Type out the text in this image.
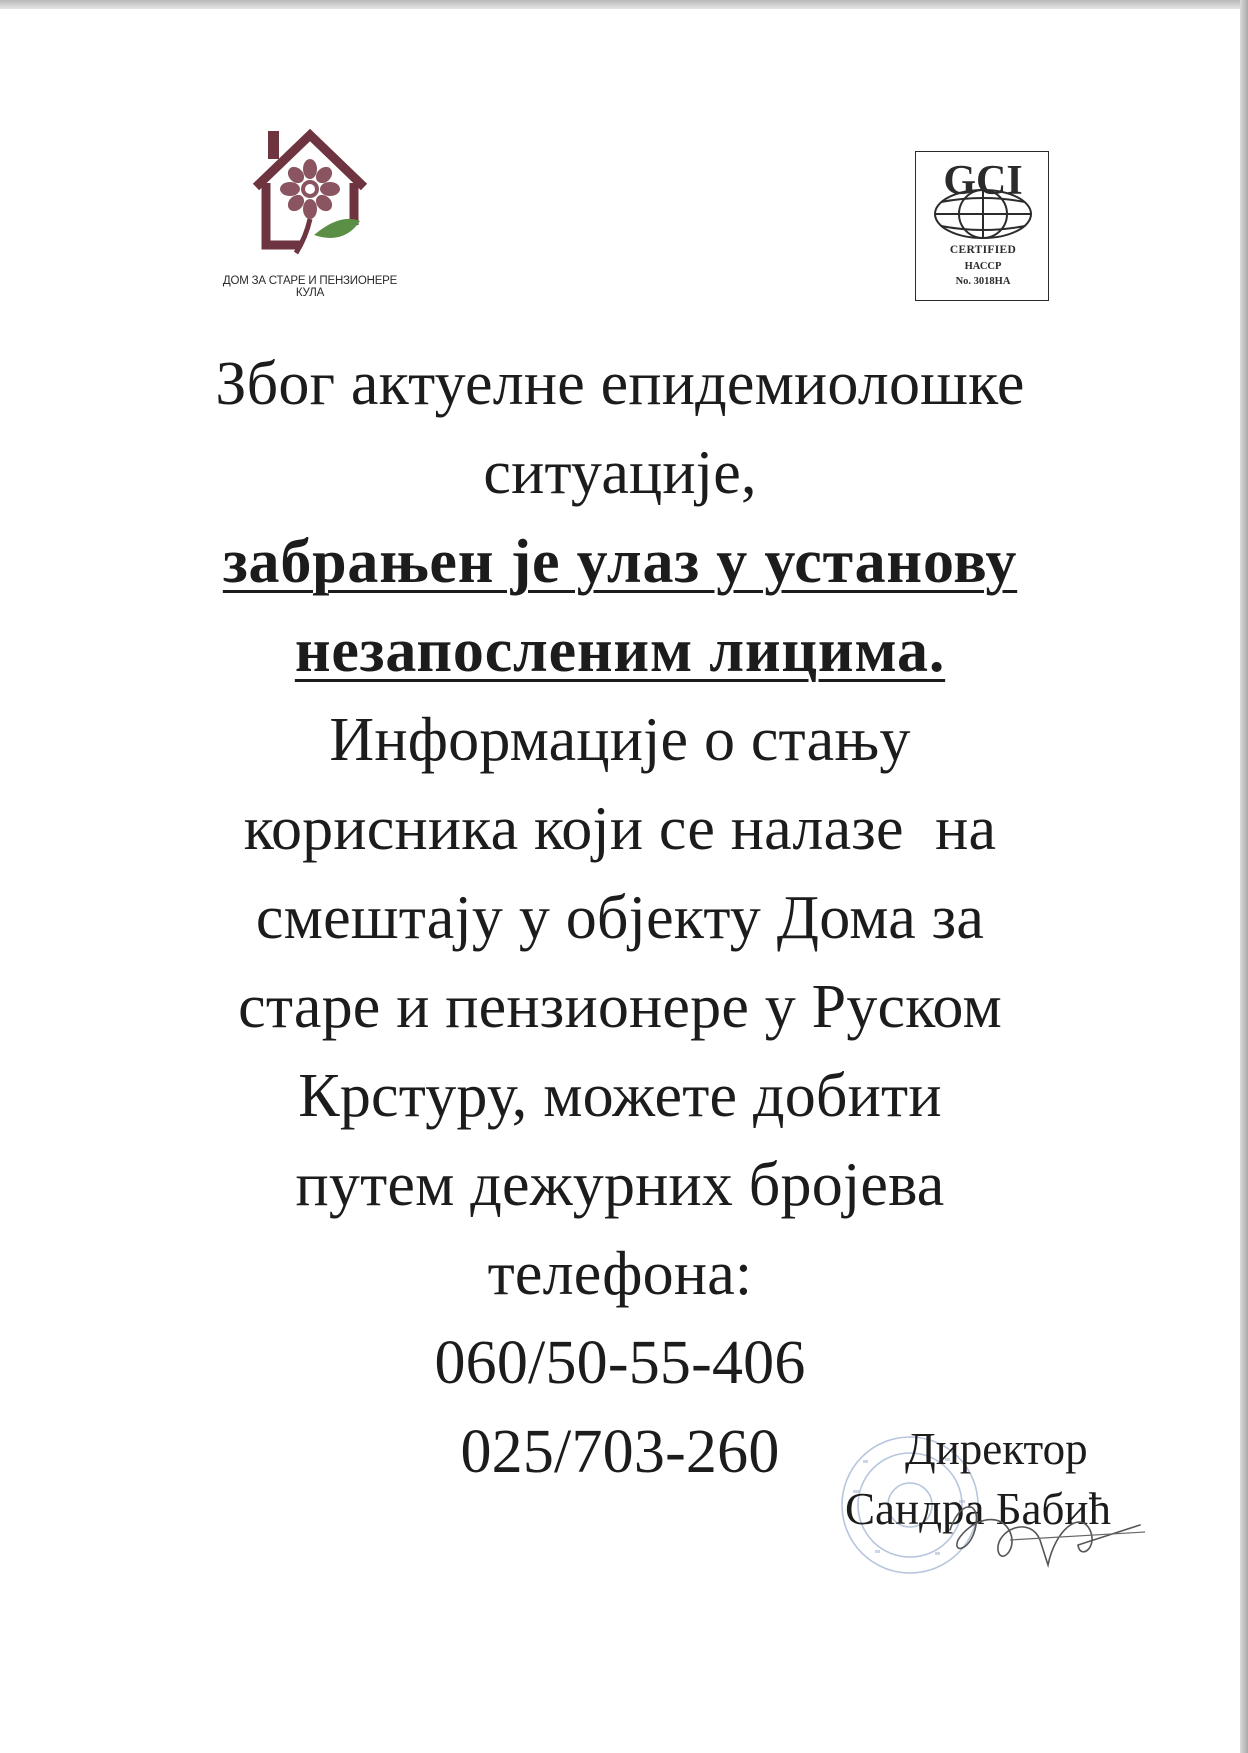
ДОМ ЗА СТАРЕ И ПЕНЗИОНЕРЕ
КУЛА
GCI
CERTIFIED
НАССР
No. 3018HA
Због актуелне епидемиолошке
ситуације,
забрањен је улаз у установу
незапосленим лицима.
Информације о стању
корисника који се налазе  на
смештају у објекту Дома за
старе и пензионере у Руском
Крстуру, можете добити
путем дежурних бројева
телефона:
060/50-55-406
025/703-260	Директор
Сандра Бабић
